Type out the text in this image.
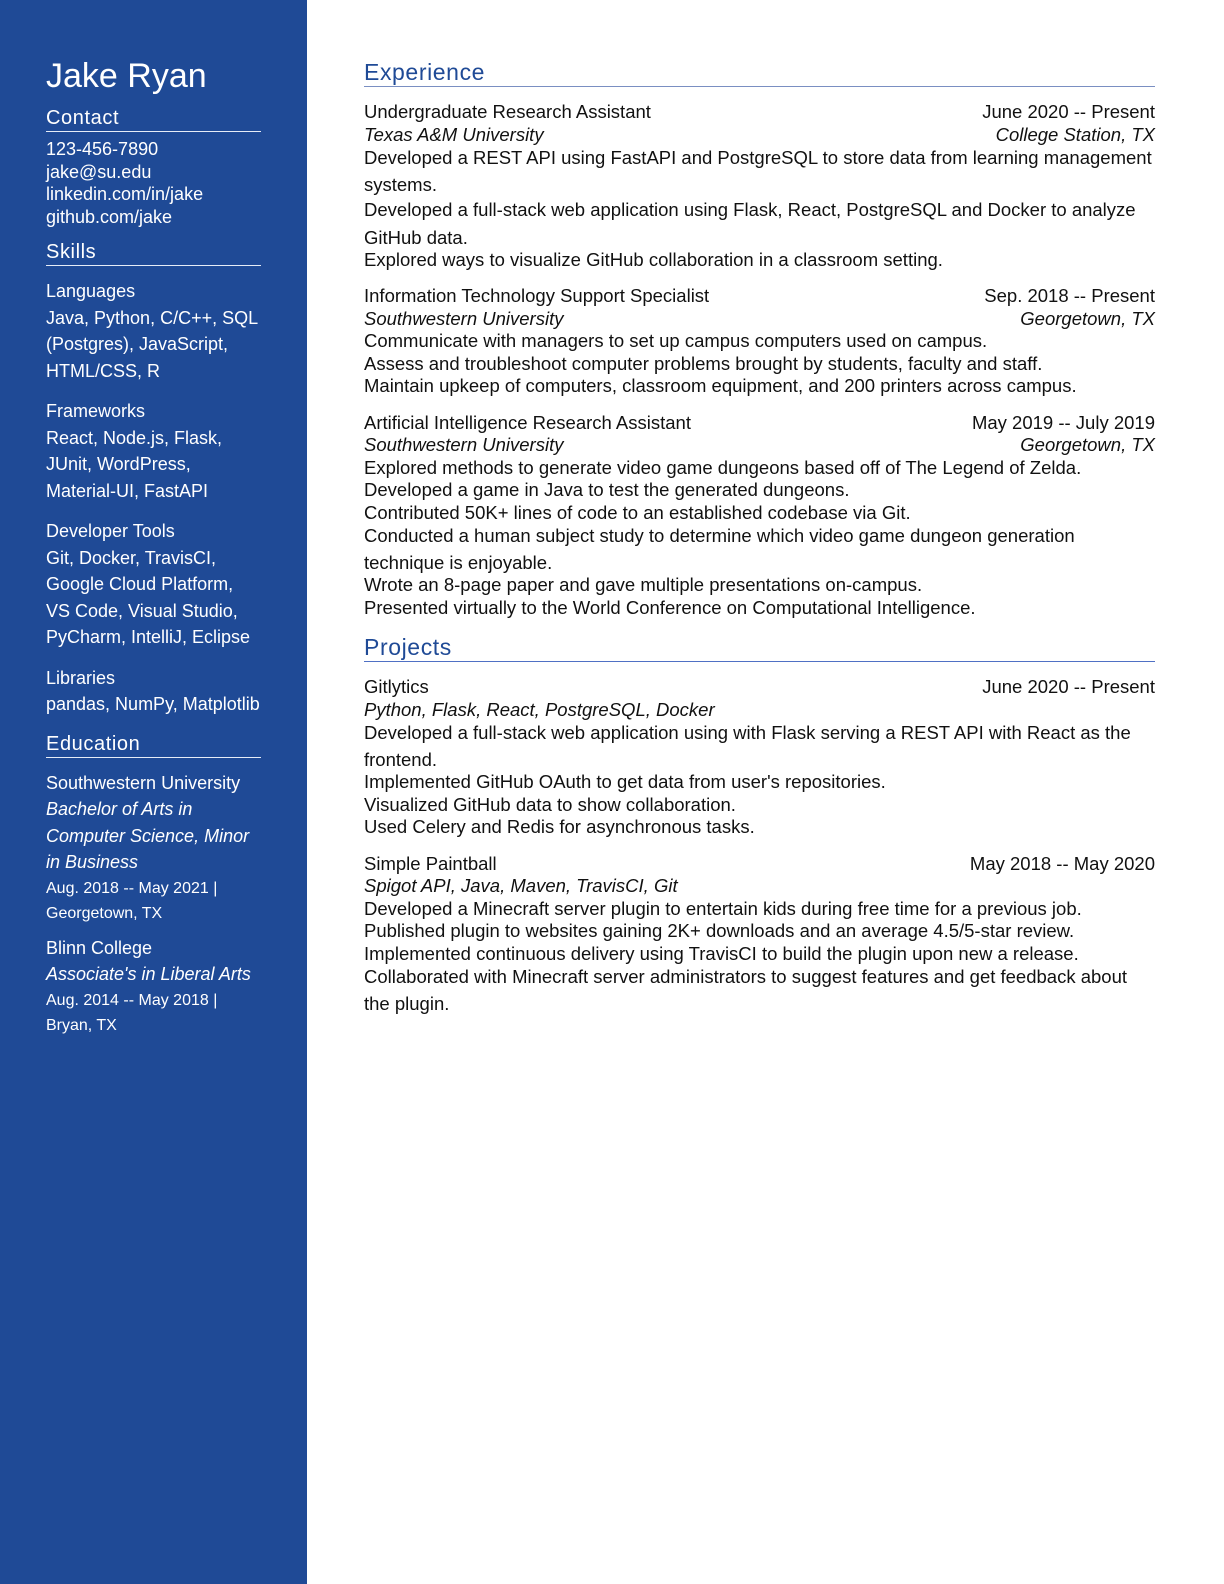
Jake Ryan
Contact
123-456-7890
jake@su.edu
linkedin.com/in/jake
github.com/jake
Skills
Languages
Java, Python, C/C++, SQL (Postgres), JavaScript, HTML/CSS, R
Frameworks
React, Node.js, Flask, JUnit, WordPress, Material-UI, FastAPI
Developer Tools
Git, Docker, TravisCI, Google Cloud Platform, VS Code, Visual Studio, PyCharm, IntelliJ, Eclipse
Libraries
pandas, NumPy, Matplotlib
Education
Southwestern University
Bachelor of Arts in Computer Science, Minor in Business
Aug. 2018 -- May 2021 | Georgetown, TX
Blinn College
Associate's in Liberal Arts
Aug. 2014 -- May 2018 | Bryan, TX
Experience
Undergraduate Research Assistant	June 2020 -- Present
Texas A&M University	College Station, TX
Developed a REST API using FastAPI and PostgreSQL to store data from learning management systems.
Developed a full-stack web application using Flask, React, PostgreSQL and Docker to analyze GitHub data.
Explored ways to visualize GitHub collaboration in a classroom setting.
Information Technology Support Specialist	Sep. 2018 -- Present
Southwestern University	Georgetown, TX
Communicate with managers to set up campus computers used on campus.
Assess and troubleshoot computer problems brought by students, faculty and staff.
Maintain upkeep of computers, classroom equipment, and 200 printers across campus.
Artificial Intelligence Research Assistant	May 2019 -- July 2019
Southwestern University	Georgetown, TX
Explored methods to generate video game dungeons based off of The Legend of Zelda.
Developed a game in Java to test the generated dungeons.
Contributed 50K+ lines of code to an established codebase via Git.
Conducted a human subject study to determine which video game dungeon generation technique is enjoyable.
Wrote an 8-page paper and gave multiple presentations on-campus.
Presented virtually to the World Conference on Computational Intelligence.
Projects
Gitlytics	June 2020 -- Present
Python, Flask, React, PostgreSQL, Docker
Developed a full-stack web application using with Flask serving a REST API with React as the frontend.
Implemented GitHub OAuth to get data from user's repositories.
Visualized GitHub data to show collaboration.
Used Celery and Redis for asynchronous tasks.
Simple Paintball	May 2018 -- May 2020
Spigot API, Java, Maven, TravisCI, Git
Developed a Minecraft server plugin to entertain kids during free time for a previous job.
Published plugin to websites gaining 2K+ downloads and an average 4.5/5-star review.
Implemented continuous delivery using TravisCI to build the plugin upon new a release.
Collaborated with Minecraft server administrators to suggest features and get feedback about the plugin.
